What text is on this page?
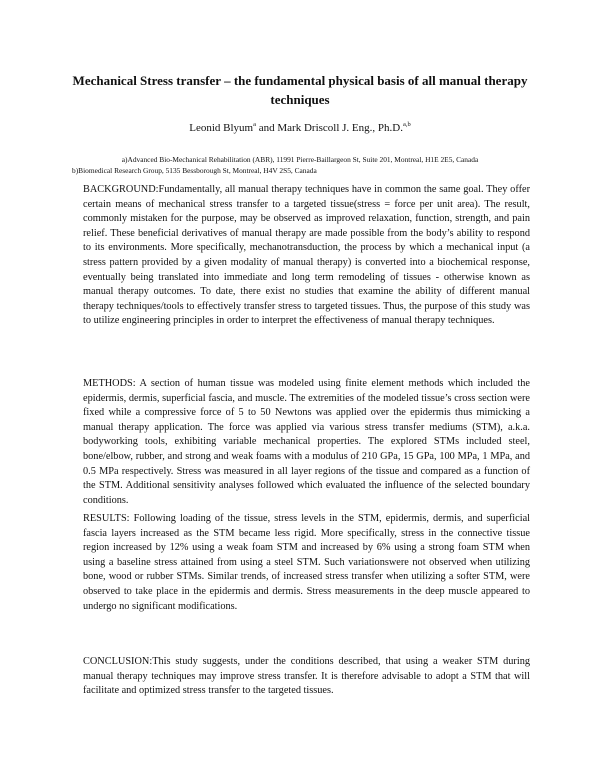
Mechanical Stress transfer – the fundamental physical basis of all manual therapy techniques
Leonid Blyum$^a$ and Mark Driscoll J. Eng., Ph.D.$^{a,b}$
a)Advanced Bio-Mechanical Rehabilitation (ABR), 11991 Pierre-Baillargeon St, Suite 201, Montreal, H1E 2E5, Canada
b)Biomedical Research Group, 5135 Bessborough St, Montreal, H4V 2S5, Canada

BACKGROUND:Fundamentally, all manual therapy techniques have in common the same goal. They offer certain means of mechanical stress transfer to a targeted tissue(stress = force per unit area). The result, commonly mistaken for the purpose, may be observed as improved relaxation, function, strength, and pain relief. These beneficial derivatives of manual therapy are made possible from the body’s ability to respond to its environments. More specifically, mechanotransduction, the process by which a mechanical input (a stress pattern provided by a given modality of manual therapy) is converted into a biochemical response, eventually being translated into immediate and long term remodeling of tissues - otherwise known as manual therapy outcomes. To date, there exist no studies that examine the ability of different manual therapy techniques/tools to effectively transfer stress to targeted tissues. Thus, the purpose of this study was to utilize engineering principles in order to interpret the effectiveness of manual therapy techniques.

METHODS: A section of human tissue was modeled using finite element methods which included the epidermis, dermis, superficial fascia, and muscle. The extremities of the modeled tissue’s cross section were fixed while a compressive force of 5 to 50 Newtons was applied over the epidermis thus mimicking a manual therapy application. The force was applied via various stress transfer mediums (STM), a.k.a. bodyworking tools, exhibiting variable mechanical properties. The explored STMs included steel, bone/elbow, rubber, and strong and weak foams with a modulus of 210 GPa, 15 GPa, 100 MPa, 1 MPa, and 0.5 MPa respectively. Stress was measured in all layer regions of the tissue and compared as a function of the STM. Additional sensitivity analyses followed which evaluated the influence of the selected boundary conditions.

RESULTS: Following loading of the tissue, stress levels in the STM, epidermis, dermis, and superficial fascia layers increased as the STM became less rigid. More specifically, stress in the connective tissue region increased by 12% using a weak foam STM and increased by 6% using a strong foam STM when using a baseline stress attained from using a steel STM. Such variationswere not observed when utilizing bone, wood or rubber STMs. Similar trends, of increased stress transfer when utilizing a softer STM, were observed to take place in the epidermis and dermis. Stress measurements in the deep muscle appeared to undergo no significant modifications.

CONCLUSION:This study suggests, under the conditions described, that using a weaker STM during manual therapy techniques may improve stress transfer. It is therefore advisable to adopt a STM that will facilitate and optimized stress transfer to the targeted tissues.
